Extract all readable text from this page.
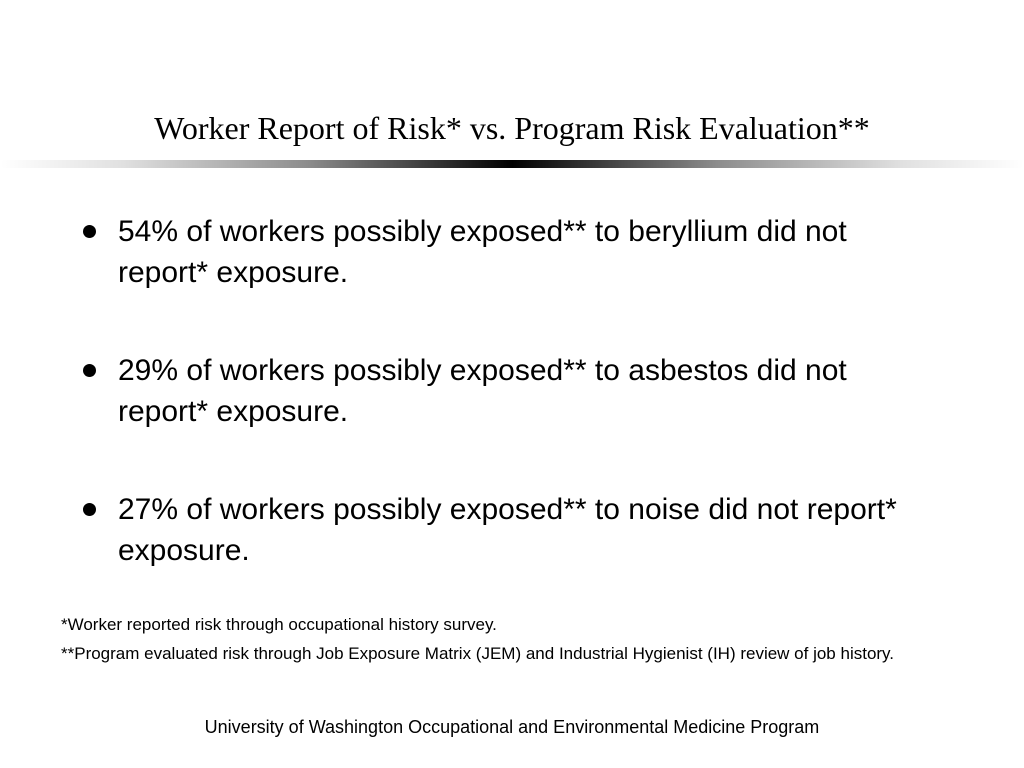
Worker Report of Risk* vs. Program Risk Evaluation**
54% of workers possibly exposed** to beryllium did not report* exposure.
29% of workers possibly exposed** to asbestos did not report* exposure.
27% of workers possibly exposed** to noise did not report* exposure.

*Worker reported risk through occupational history survey.

**Program evaluated risk through Job Exposure Matrix (JEM) and Industrial Hygienist (IH) review of job history.

University of Washington Occupational and Environmental Medicine Program
